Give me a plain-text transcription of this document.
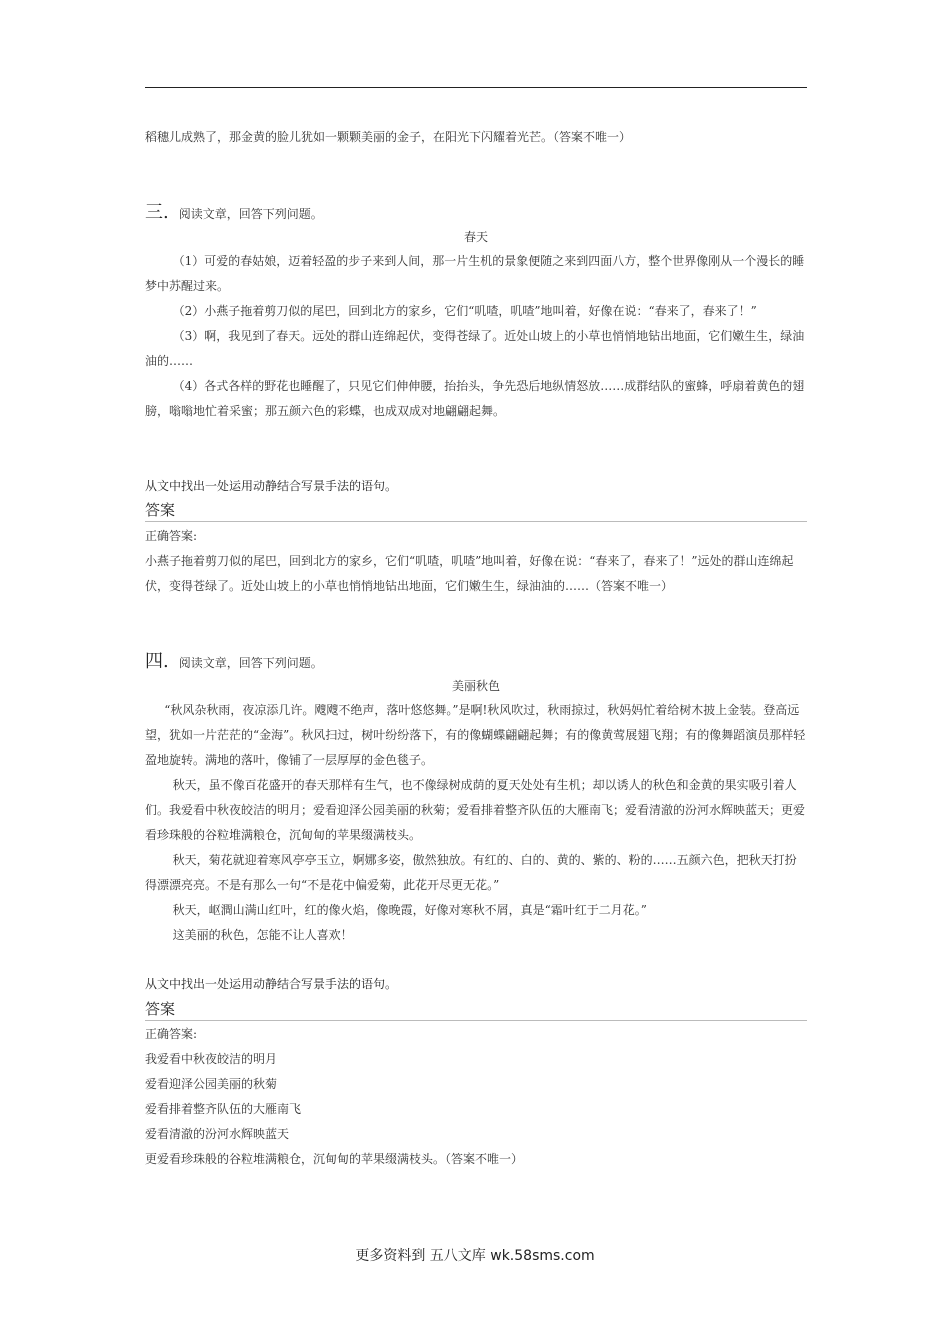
稻穗儿成熟了，那金黄的脸儿犹如一颗颗美丽的金子，在阳光下闪耀着光芒。（答案不唯一）

三. 阅读文章，回答下列问题。
春天

（1）可爱的春姑娘，迈着轻盈的步子来到人间，那一片生机的景象便随之来到四面八方，整个世界像刚从一个漫长的睡梦中苏醒过来。

（2）小燕子拖着剪刀似的尾巴，回到北方的家乡，它们“叽喳，叽喳”地叫着，好像在说：“春来了，春来了！”

（3）啊，我见到了春天。远处的群山连绵起伏，变得苍绿了。近处山坡上的小草也悄悄地钻出地面，它们嫩生生，绿油油的……

（4）各式各样的野花也睡醒了，只见它们伸伸腰，抬抬头，争先恐后地纵情怒放……成群结队的蜜蜂，呼扇着黄色的翅膀，嗡嗡地忙着采蜜；那五颜六色的彩蝶，也成双成对地翩翩起舞。

从文中找出一处运用动静结合写景手法的语句。
答案
正确答案:

小燕子拖着剪刀似的尾巴，回到北方的家乡，它们“叽喳，叽喳”地叫着，好像在说：“春来了，春来了！”远处的群山连绵起伏，变得苍绿了。近处山坡上的小草也悄悄地钻出地面，它们嫩生生，绿油油的……（答案不唯一）

四. 阅读文章，回答下列问题。
美丽秋色

“秋风杂秋雨，夜凉添几许。飕飕不绝声，落叶悠悠舞。”是啊!秋风吹过，秋雨掠过，秋妈妈忙着给树木披上金装。登高远望，犹如一片茫茫的“金海”。秋风扫过，树叶纷纷落下，有的像蝴蝶翩翩起舞；有的像黄莺展翅飞翔；有的像舞蹈演员那样轻盈地旋转。满地的落叶，像铺了一层厚厚的金色毯子。

秋天，虽不像百花盛开的春天那样有生气，也不像绿树成荫的夏天处处有生机；却以诱人的秋色和金黄的果实吸引着人们。我爱看中秋夜皎洁的明月；爱看迎泽公园美丽的秋菊；爱看排着整齐队伍的大雁南飞；爱看清澈的汾河水辉映蓝天；更爱看珍珠般的谷粒堆满粮仓，沉甸甸的苹果缀满枝头。

秋天，菊花就迎着寒风亭亭玉立，婀娜多姿，傲然独放。有红的、白的、黄的、紫的、粉的……五颜六色，把秋天打扮得漂漂亮亮。不是有那么一句“不是花中偏爱菊，此花开尽更无花。”

秋天，岖澗山满山红叶，红的像火焰，像晚霞，好像对寒秋不屑，真是“霜叶红于二月花。”

这美丽的秋色，怎能不让人喜欢！

从文中找出一处运用动静结合写景手法的语句。
答案
正确答案:
我爱看中秋夜皎洁的明月
爱看迎泽公园美丽的秋菊
爱看排着整齐队伍的大雁南飞
爱看清澈的汾河水辉映蓝天
更爱看珍珠般的谷粒堆满粮仓，沉甸甸的苹果缀满枝头。（答案不唯一）
更多资料到 五八文库 wk.58sms.com
